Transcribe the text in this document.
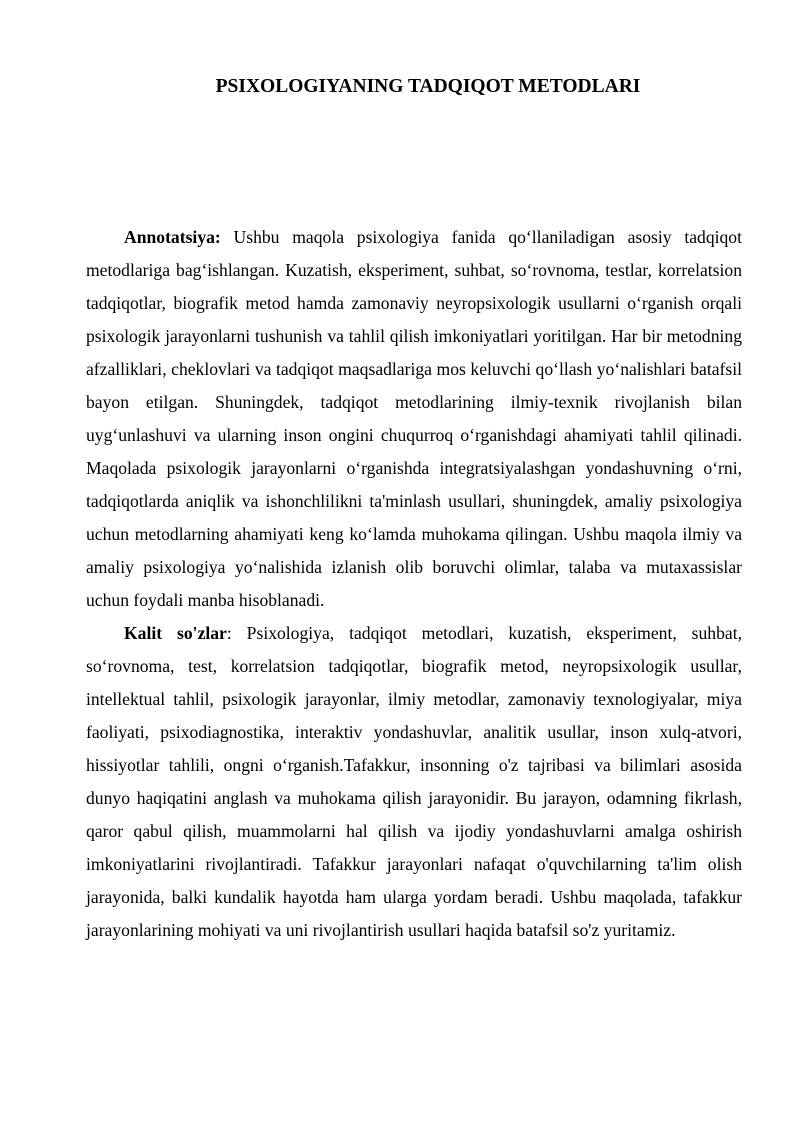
PSIXOLOGIYANING TADQIQOT METODLARI

Annotatsiya: Ushbu maqola psixologiya fanida qo‘llaniladigan asosiy tadqiqot metodlariga bag‘ishlangan. Kuzatish, eksperiment, suhbat, so‘rovnoma, testlar, korrelatsion tadqiqotlar, biografik metod hamda zamonaviy neyropsixologik usullarni o‘rganish orqali psixologik jarayonlarni tushunish va tahlil qilish imkoniyatlari yoritilgan. Har bir metodning afzalliklari, cheklovlari va tadqiqot maqsadlariga mos keluvchi qo‘llash yo‘nalishlari batafsil bayon etilgan. Shuningdek, tadqiqot metodlarining ilmiy-texnik rivojlanish bilan uyg‘unlashuvi va ularning inson ongini chuqurroq o‘rganishdagi ahamiyati tahlil qilinadi. Maqolada psixologik jarayonlarni o‘rganishda integratsiyalashgan yondashuvning o‘rni, tadqiqotlarda aniqlik va ishonchlilikni ta'minlash usullari, shuningdek, amaliy psixologiya uchun metodlarning ahamiyati keng ko‘lamda muhokama qilingan. Ushbu maqola ilmiy va amaliy psixologiya yo‘nalishida izlanish olib boruvchi olimlar, talaba va mutaxassislar uchun foydali manba hisoblanadi.

Kalit so'zlar: Psixologiya, tadqiqot metodlari, kuzatish, eksperiment, suhbat, so‘rovnoma, test, korrelatsion tadqiqotlar, biografik metod, neyropsixologik usullar, intellektual tahlil, psixologik jarayonlar, ilmiy metodlar, zamonaviy texnologiyalar, miya faoliyati, psixodiagnostika, interaktiv yondashuvlar, analitik usullar, inson xulq-atvori, hissiyotlar tahlili, ongni o‘rganish.Tafakkur, insonning o'z tajribasi va bilimlari asosida dunyo haqiqatini anglash va muhokama qilish jarayonidir. Bu jarayon, odamning fikrlash, qaror qabul qilish, muammolarni hal qilish va ijodiy yondashuvlarni amalga oshirish imkoniyatlarini rivojlantiradi. Tafakkur jarayonlari nafaqat o'quvchilarning ta'lim olish jarayonida, balki kundalik hayotda ham ularga yordam beradi. Ushbu maqolada, tafakkur jarayonlarining mohiyati va uni rivojlantirish usullari haqida batafsil so'z yuritamiz.
